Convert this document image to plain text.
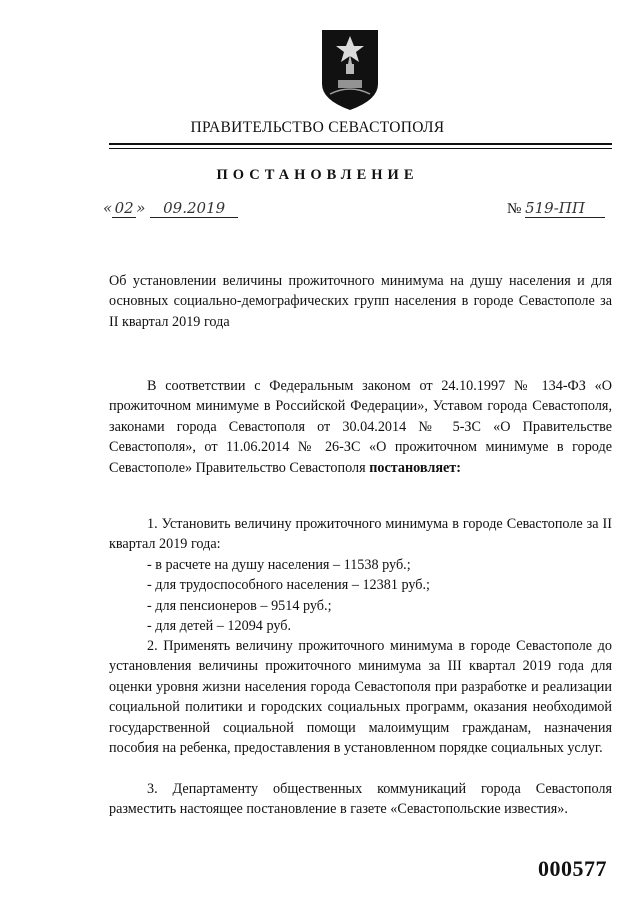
ПРАВИТЕЛЬСТВО СЕВАСТОПОЛЯ
ПОСТАНОВЛЕНИЕ
« 02 » 09.2019	№ 519-ПП

Об установлении величины прожиточного минимума на душу населения и для основных социально-демографических групп населения в городе Севастополе за II квартал 2019 года

В соответствии с Федеральным законом от 24.10.1997 № 134-ФЗ «О прожиточном минимуме в Российской Федерации», Уставом города Севастополя, законами города Севастополя от 30.04.2014 № 5-ЗС «О Правительстве Севастополя», от 11.06.2014 № 26-ЗС «О прожиточном минимуме в городе Севастополе» Правительство Севастополя постановляет:

1. Установить величину прожиточного минимума в городе Севастополе за II квартал 2019 года:

- в расчете на душу населения – 11538 руб.;
- для трудоспособного населения – 12381 руб.;
- для пенсионеров – 9514 руб.;
- для детей – 12094 руб.

2. Применять величину прожиточного минимума в городе Севастополе до установления величины прожиточного минимума за III квартал 2019 года для оценки уровня жизни населения города Севастополя при разработке и реализации социальной политики и городских социальных программ, оказания необходимой государственной социальной помощи малоимущим гражданам, назначения пособия на ребенка, предоставления в установленном порядке социальных услуг.

3. Департаменту общественных коммуникаций города Севастополя разместить настоящее постановление в газете «Севастопольские известия».

000577
